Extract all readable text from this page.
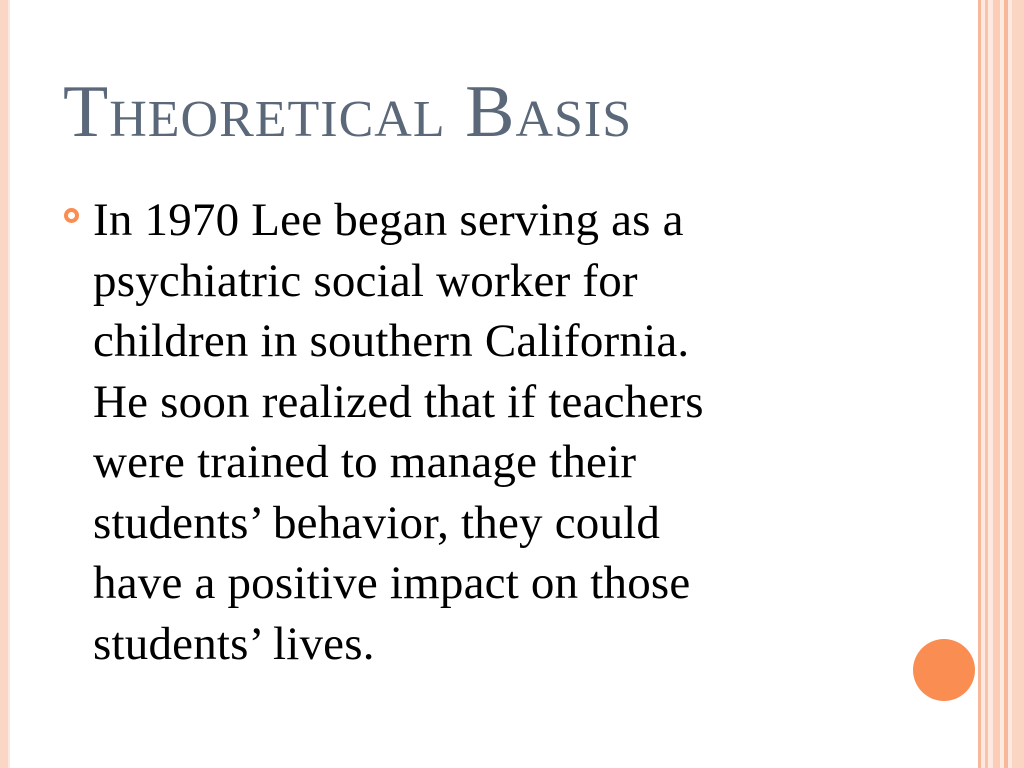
Theoretical Basis
In 1970 Lee began serving as a
psychiatric social worker for
children in southern California.
He soon realized that if teachers
were trained to manage their
students’ behavior, they could
have a positive impact on those
students’ lives.
